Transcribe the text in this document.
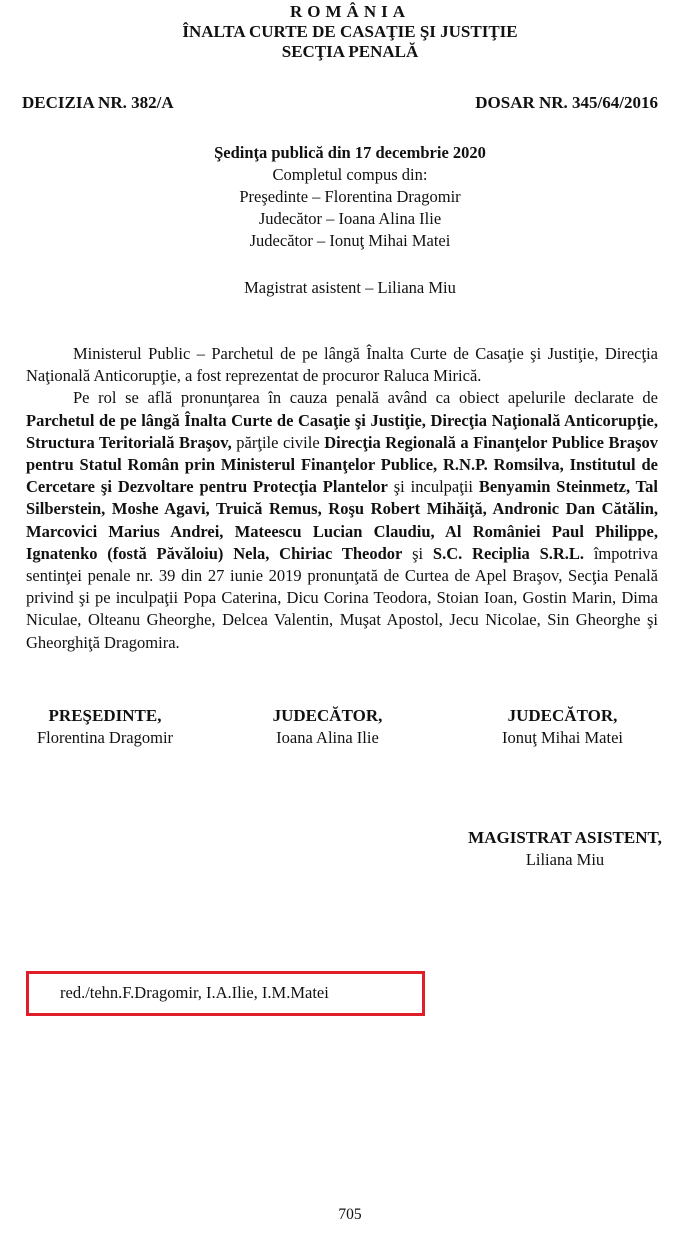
ROMÂNIA
ÎNALTA CURTE DE CASAŢIE ŞI JUSTIŢIE
SECŢIA PENALĂ
DECIZIA NR. 382/A	DOSAR NR. 345/64/2016
Şedinţa publică din 17 decembrie 2020
Completul compus din:
Preşedinte – Florentina Dragomir
Judecător – Ioana Alina Ilie
Judecător – Ionuţ Mihai Matei
Magistrat asistent – Liliana Miu

Ministerul Public – Parchetul de pe lângă Înalta Curte de Casaţie şi Justiţie, Direcţia Naţională Anticorupţie, a fost reprezentat de procuror Raluca Mirică.

Pe rol se află pronunţarea în cauza penală având ca obiect apelurile declarate de Parchetul de pe lângă Înalta Curte de Casaţie şi Justiţie, Direcţia Naţională Anticorupţie, Structura Teritorială Braşov, părţile civile Direcţia Regională a Finanţelor Publice Braşov pentru Statul Român prin Ministerul Finanţelor Publice, R.N.P. Romsilva, Institutul de Cercetare şi Dezvoltare pentru Protecţia Plantelor şi inculpaţii Benyamin Steinmetz, Tal Silberstein, Moshe Agavi, Truică Remus, Roşu Robert Mihăiţă, Andronic Dan Cătălin, Marcovici Marius Andrei, Mateescu Lucian Claudiu, Al României Paul Philippe, Ignatenko (fostă Păvăloiu) Nela, Chiriac Theodor şi S.C. Reciplia S.R.L. împotriva sentinţei penale nr. 39 din 27 iunie 2019 pronunţată de Curtea de Apel Braşov, Secţia Penală privind şi pe inculpaţii Popa Caterina, Dicu Corina Teodora, Stoian Ioan, Gostin Marin, Dima Niculae, Olteanu Gheorghe, Delcea Valentin, Muşat Apostol, Jecu Nicolae, Sin Gheorghe şi Gheorghiţă Dragomira.

PREŞEDINTE,
Florentina Dragomir
JUDECĂTOR,
Ioana Alina Ilie
JUDECĂTOR,
Ionuţ Mihai Matei
MAGISTRAT ASISTENT,
Liliana Miu
red./tehn.F.Dragomir, I.A.Ilie, I.M.Matei
705
